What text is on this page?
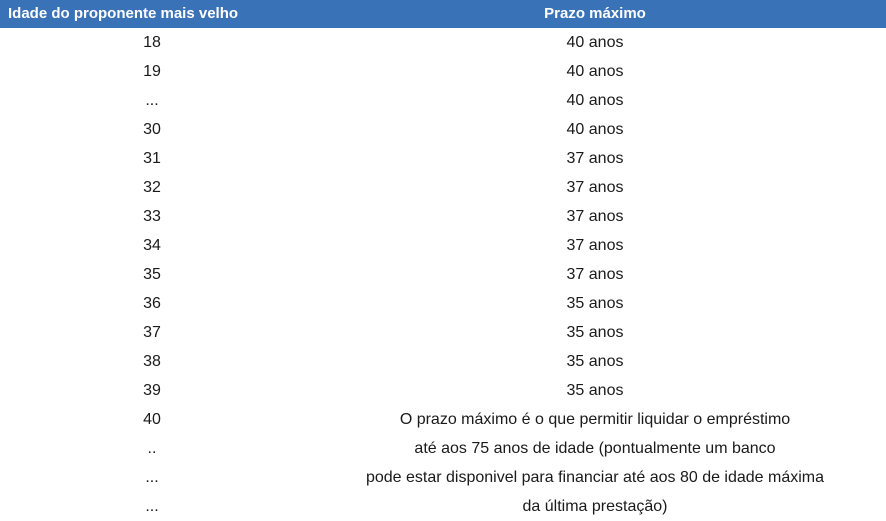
Idade do proponente mais velho	Prazo máximo
18	40 anos
19	40 anos
...	40 anos
30	40 anos
31	37 anos
32	37 anos
33	37 anos
34	37 anos
35	37 anos
36	35 anos
37	35 anos
38	35 anos
39	35 anos
40	O prazo máximo é o que permitir liquidar o empréstimo
..	até aos 75 anos de idade (pontualmente um banco
...	pode estar disponivel para financiar até aos 80 de idade máxima
...	da última prestação)
